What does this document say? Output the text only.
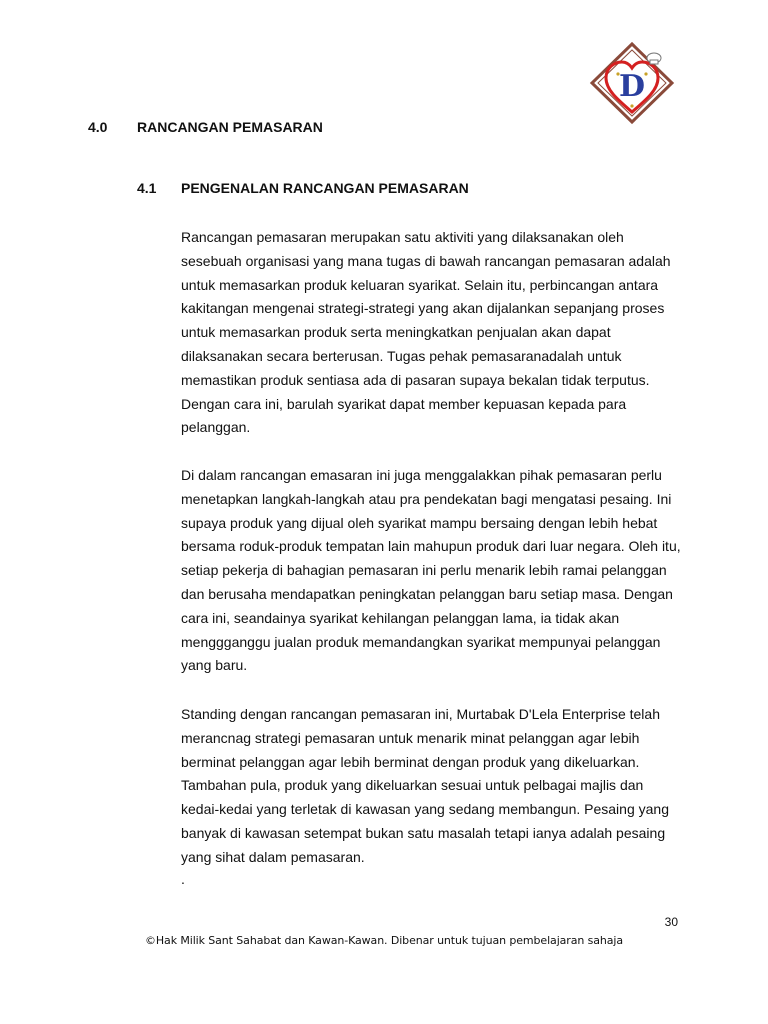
D
4.0 RANCANGAN PEMASARAN
4.1 PENGENALAN RANCANGAN PEMASARAN

Rancangan pemasaran merupakan satu aktiviti yang dilaksanakan oleh
sesebuah organisasi yang mana tugas di bawah rancangan pemasaran adalah
untuk memasarkan produk keluaran syarikat. Selain itu, perbincangan antara
kakitangan mengenai strategi-strategi yang akan dijalankan sepanjang proses
untuk memasarkan produk serta meningkatkan penjualan akan dapat
dilaksanakan secara berterusan. Tugas pehak pemasaranadalah untuk
memastikan produk sentiasa ada di pasaran supaya bekalan tidak terputus.
Dengan cara ini, barulah syarikat dapat member kepuasan kepada para
pelanggan.

Di dalam rancangan emasaran ini juga menggalakkan pihak pemasaran perlu
menetapkan langkah-langkah atau pra pendekatan bagi mengatasi pesaing. Ini
supaya produk yang dijual oleh syarikat mampu bersaing dengan lebih hebat
bersama roduk-produk tempatan lain mahupun produk dari luar negara. Oleh itu,
setiap pekerja di bahagian pemasaran ini perlu menarik lebih ramai pelanggan
dan berusaha mendapatkan peningkatan pelanggan baru setiap masa. Dengan
cara ini, seandainya syarikat kehilangan pelanggan lama, ia tidak akan
menggganggu jualan produk memandangkan syarikat mempunyai pelanggan
yang baru.

Standing dengan rancangan pemasaran ini, Murtabak D'Lela Enterprise telah
merancnag strategi pemasaran untuk menarik minat pelanggan agar lebih
berminat pelanggan agar lebih berminat dengan produk yang dikeluarkan.
Tambahan pula, produk yang dikeluarkan sesuai untuk pelbagai majlis dan
kedai-kedai yang terletak di kawasan yang sedang membangun. Pesaing yang
banyak di kawasan setempat bukan satu masalah tetapi ianya adalah pesaing
yang sihat dalam pemasaran.

.
30
©Hak Milik Sant Sahabat dan Kawan-Kawan. Dibenar untuk tujuan pembelajaran sahaja
